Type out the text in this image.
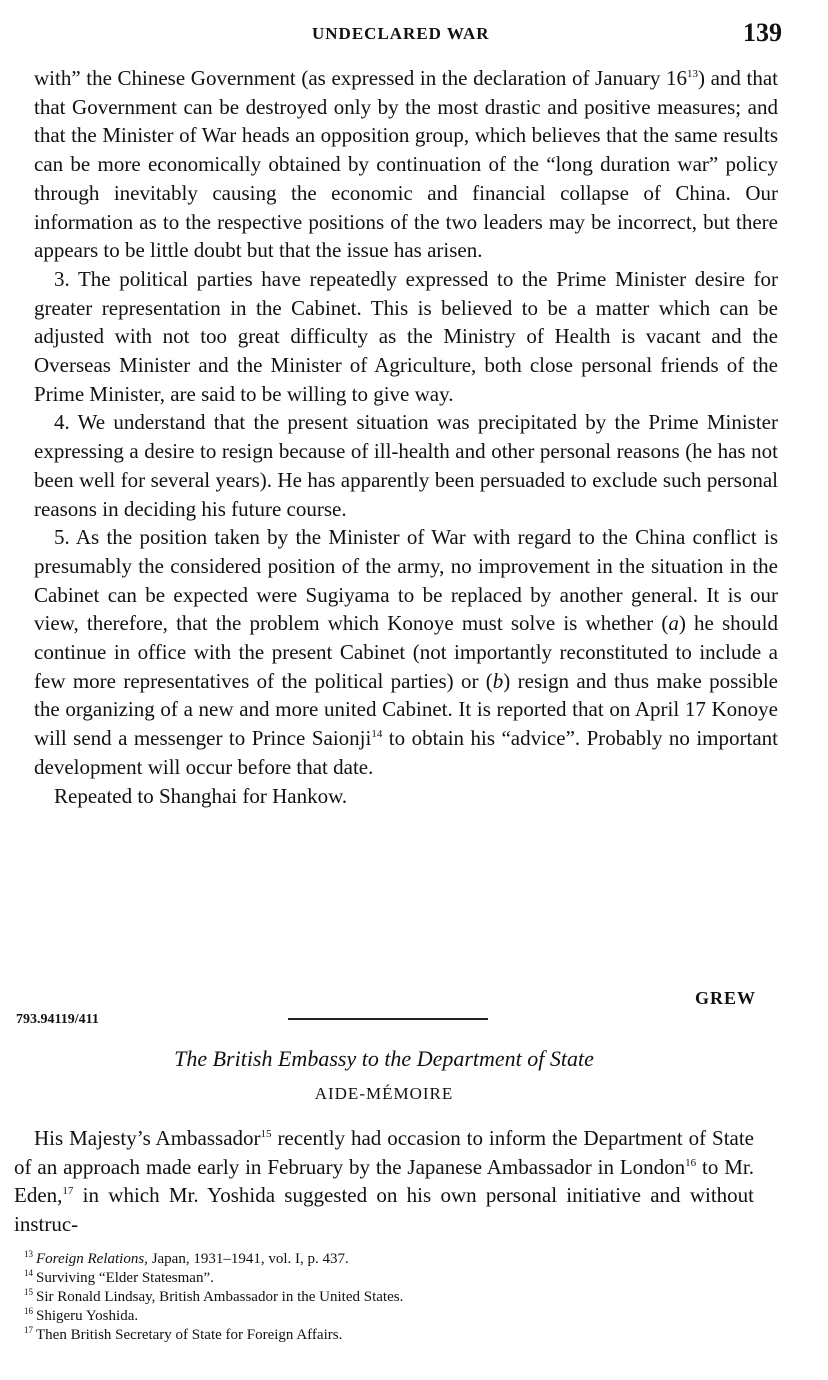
UNDECLARED WAR	139

with” the Chinese Government (as expressed in the declaration of January $16^{13}$) and that that Government can be destroyed only by the most drastic and positive measures; and that the Minister of War heads an opposition group, which believes that the same results can be more economically obtained by continuation of the “long duration war” policy through inevitably causing the economic and financial collapse of China. Our information as to the respective positions of the two leaders may be incorrect, but there appears to be little doubt but that the issue has arisen.

3. The political parties have repeatedly expressed to the Prime Minister desire for greater representation in the Cabinet. This is believed to be a matter which can be adjusted with not too great difficulty as the Ministry of Health is vacant and the Overseas Minister and the Minister of Agriculture, both close personal friends of the Prime Minister, are said to be willing to give way.

4. We understand that the present situation was precipitated by the Prime Minister expressing a desire to resign because of ill-health and other personal reasons (he has not been well for several years). He has apparently been persuaded to exclude such personal reasons in deciding his future course.

5. As the position taken by the Minister of War with regard to the China conflict is presumably the considered position of the army, no improvement in the situation in the Cabinet can be expected were Sugiyama to be replaced by another general. It is our view, therefore, that the problem which Konoye must solve is whether (a) he should continue in office with the present Cabinet (not importantly reconstituted to include a few more representatives of the political parties) or (b) resign and thus make possible the organizing of a new and more united Cabinet. It is reported that on April 17 Konoye will send a messenger to Prince Saionji$^{14}$ to obtain his “advice”. Probably no important development will occur before that date.

Repeated to Shanghai for Hankow.

GREW
793.94119/411
The British Embassy to the Department of State
AIDE-MÉMOIRE

His Majesty’s Ambassador$^{15}$ recently had occasion to inform the Department of State of an approach made early in February by the Japanese Ambassador in London$^{16}$ to Mr. Eden,$^{17}$ in which Mr. Yoshida suggested on his own personal initiative and without instruc-

$^{13}$ Foreign Relations, Japan, 1931–1941, vol. I, p. 437.
$^{14}$ Surviving “Elder Statesman”.
$^{15}$ Sir Ronald Lindsay, British Ambassador in the United States.
$^{16}$ Shigeru Yoshida.
$^{17}$ Then British Secretary of State for Foreign Affairs.
